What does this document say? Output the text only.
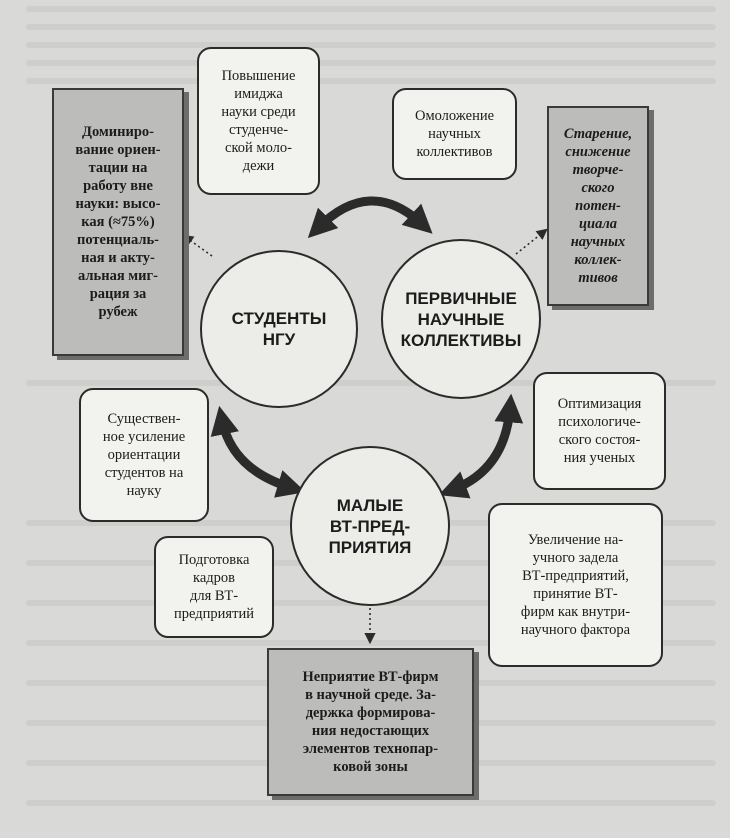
СТУДЕНТЫ
НГУ
ПЕРВИЧНЫЕ
НАУЧНЫЕ
КОЛЛЕКТИВЫ
МАЛЫЕ
ВТ-ПРЕД-
ПРИЯТИЯ
Повышение
имиджа
науки среди
студенче-
ской моло-
дежи
Омоложение
научных
коллективов
Существен-
ное усиление
ориентации
студентов на
науку
Оптимизация
психологиче-
ского состоя-
ния ученых
Подготовка
кадров
для ВТ-
предприятий
Увеличение на-
учного задела
ВТ-предприятий,
принятие ВТ-
фирм как внутри-
научного фактора
Доминиро-
вание ориен-
тации на
работу вне
науки: высо-
кая (≈75%)
потенциаль-
ная и акту-
альная миг-
рация за
рубеж
Старение,
снижение
творче-
ского
потен-
циала
научных
коллек-
тивов
Неприятие ВТ-фирм
в научной среде. За-
держка формирова-
ния недостающих
элементов технопар-
ковой зоны
